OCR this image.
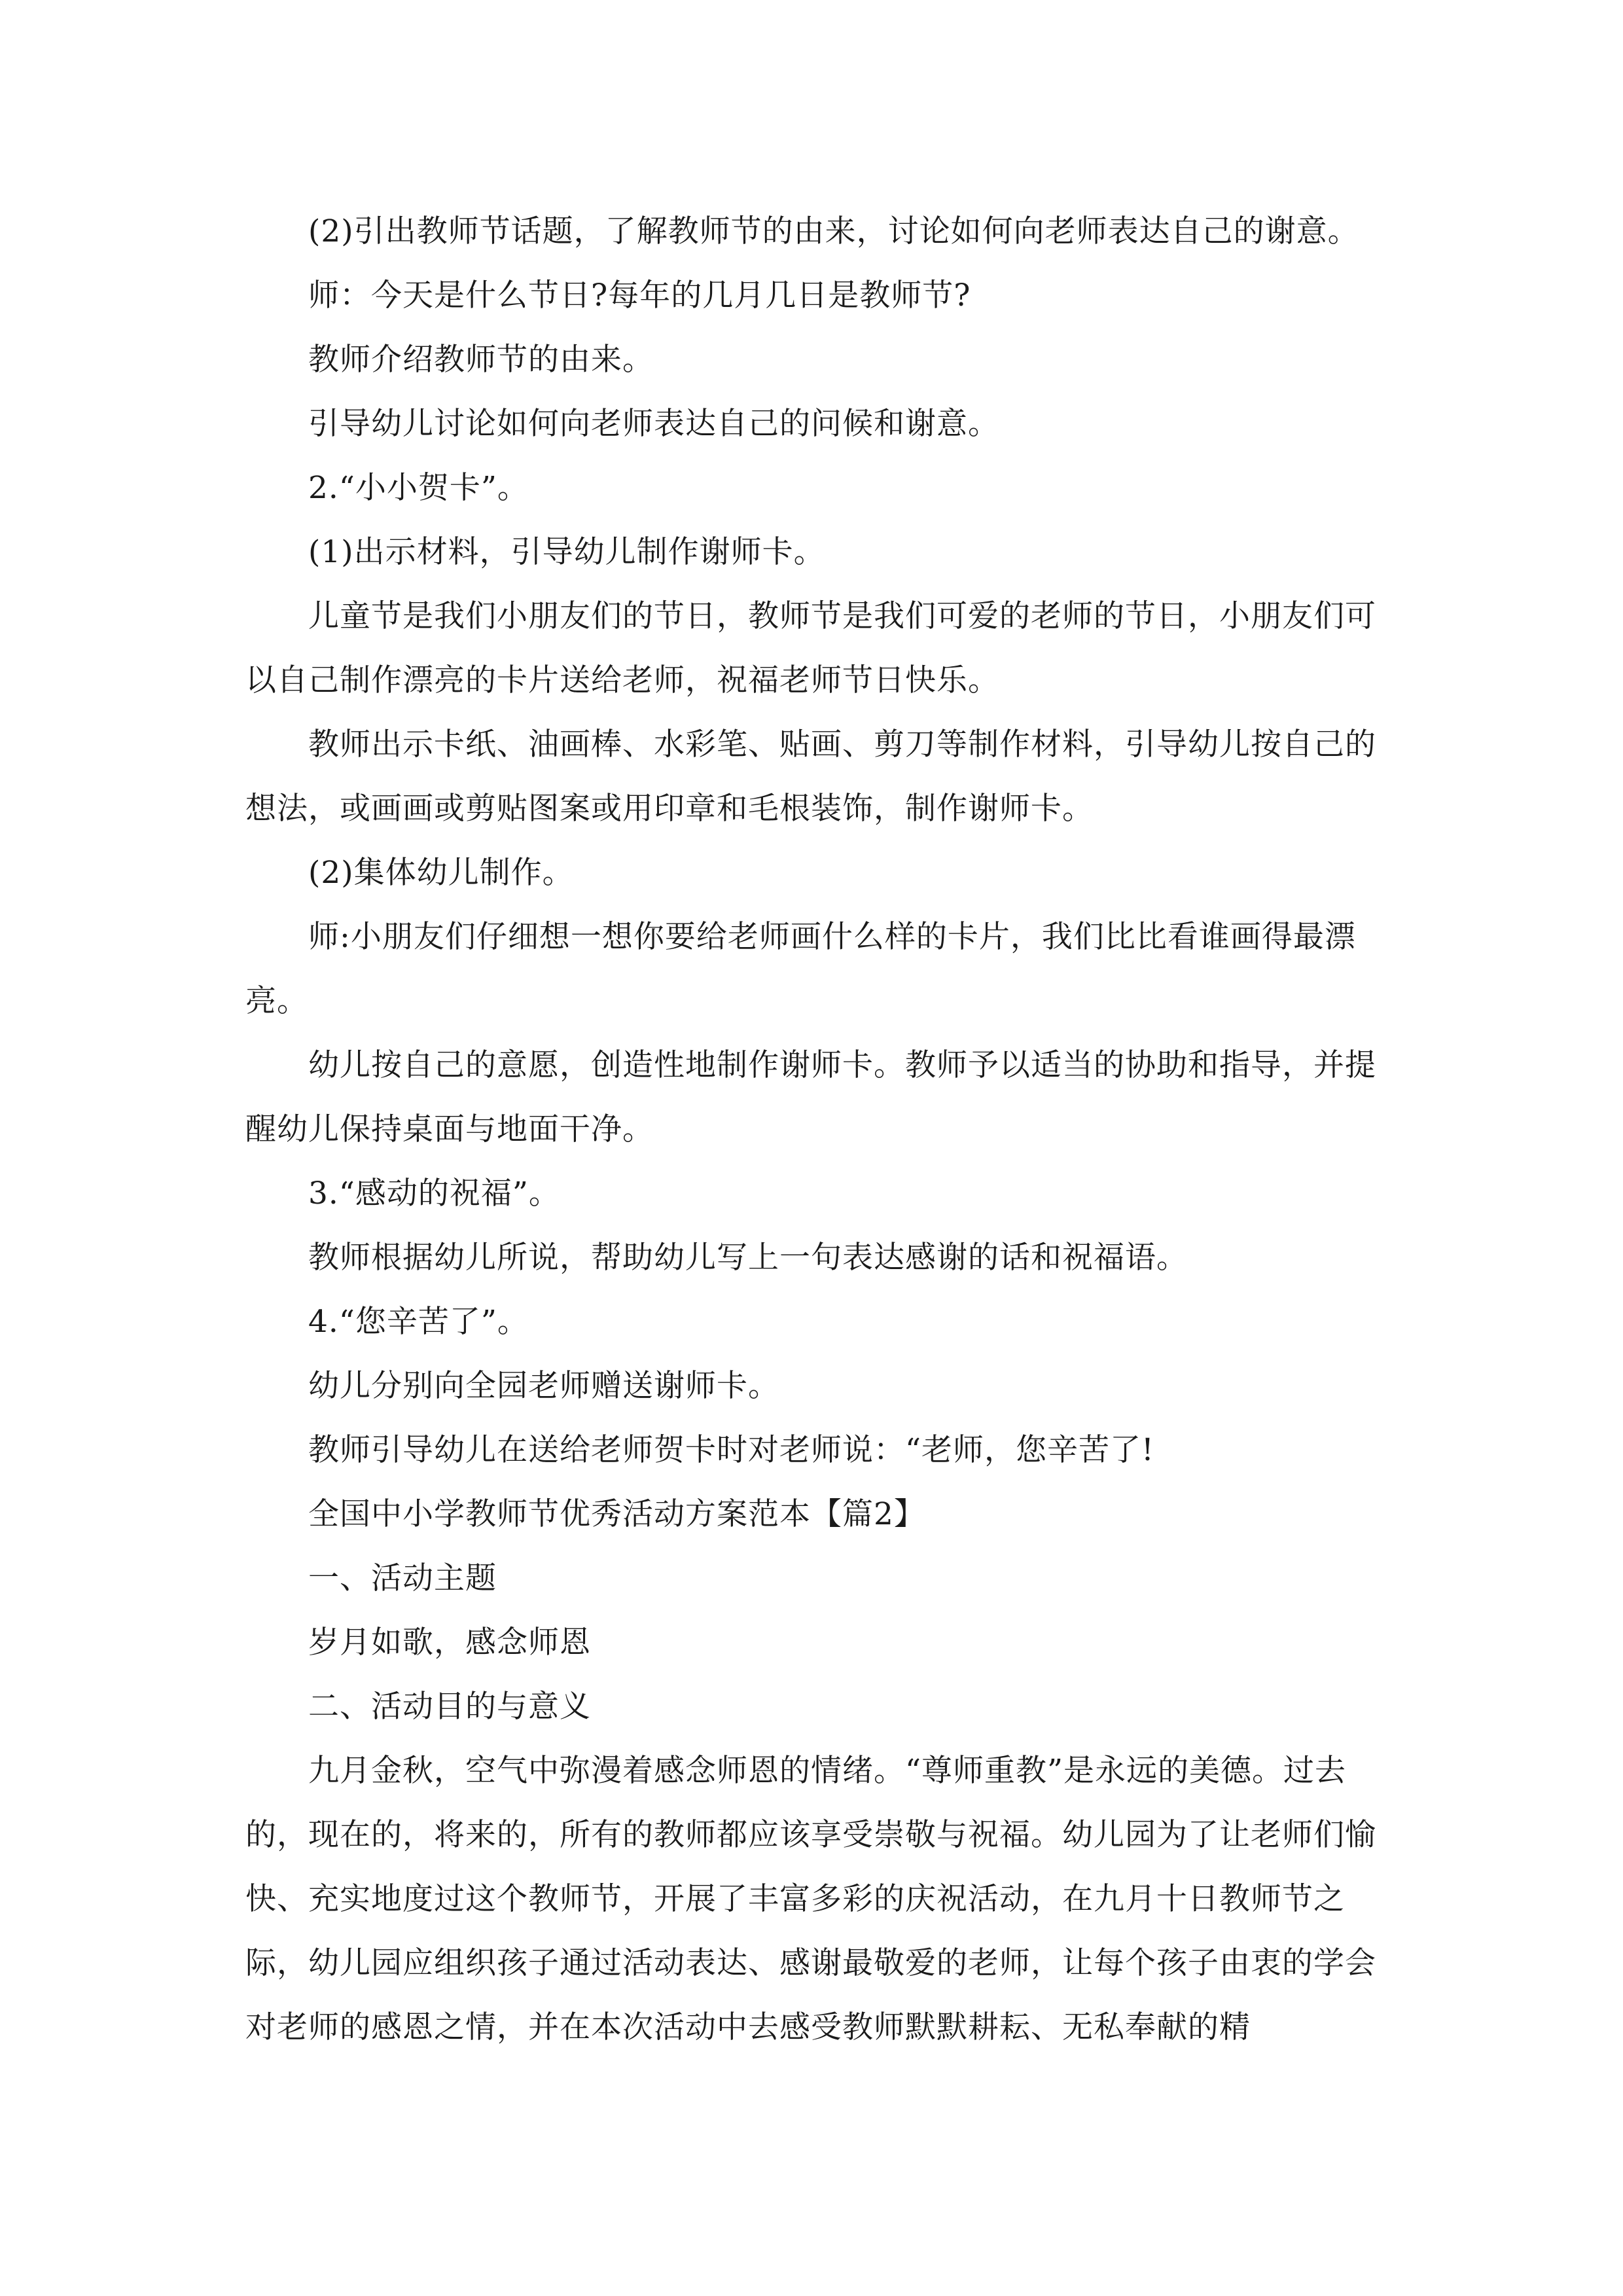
(2)引出教师节话题，了解教师节的由来，讨论如何向老师表达自己的谢意。

师：今天是什么节日?每年的几月几日是教师节?

教师介绍教师节的由来。

引导幼儿讨论如何向老师表达自己的问候和谢意。

2.“小小贺卡”。

(1)出示材料，引导幼儿制作谢师卡。

儿童节是我们小朋友们的节日，教师节是我们可爱的老师的节日，小朋友们可以自己制作漂亮的卡片送给老师，祝福老师节日快乐。

教师出示卡纸、油画棒、水彩笔、贴画、剪刀等制作材料，引导幼儿按自己的想法，或画画或剪贴图案或用印章和毛根装饰，制作谢师卡。

(2)集体幼儿制作。

师:小朋友们仔细想一想你要给老师画什么样的卡片，我们比比看谁画得最漂亮。

幼儿按自己的意愿，创造性地制作谢师卡。教师予以适当的协助和指导，并提醒幼儿保持桌面与地面干净。

3.“感动的祝福”。

教师根据幼儿所说，帮助幼儿写上一句表达感谢的话和祝福语。

4.“您辛苦了”。

幼儿分别向全园老师赠送谢师卡。

教师引导幼儿在送给老师贺卡时对老师说：“老师，您辛苦了!

全国中小学教师节优秀活动方案范本【篇2】

一、活动主题

岁月如歌，感念师恩

二、活动目的与意义

九月金秋，空气中弥漫着感念师恩的情绪。“尊师重教”是永远的美德。过去的，现在的，将来的，所有的教师都应该享受崇敬与祝福。幼儿园为了让老师们愉快、充实地度过这个教师节，开展了丰富多彩的庆祝活动，在九月十日教师节之际，幼儿园应组织孩子通过活动表达、感谢最敬爱的老师，让每个孩子由衷的学会对老师的感恩之情，并在本次活动中去感受教师默默耕耘、无私奉献的精
